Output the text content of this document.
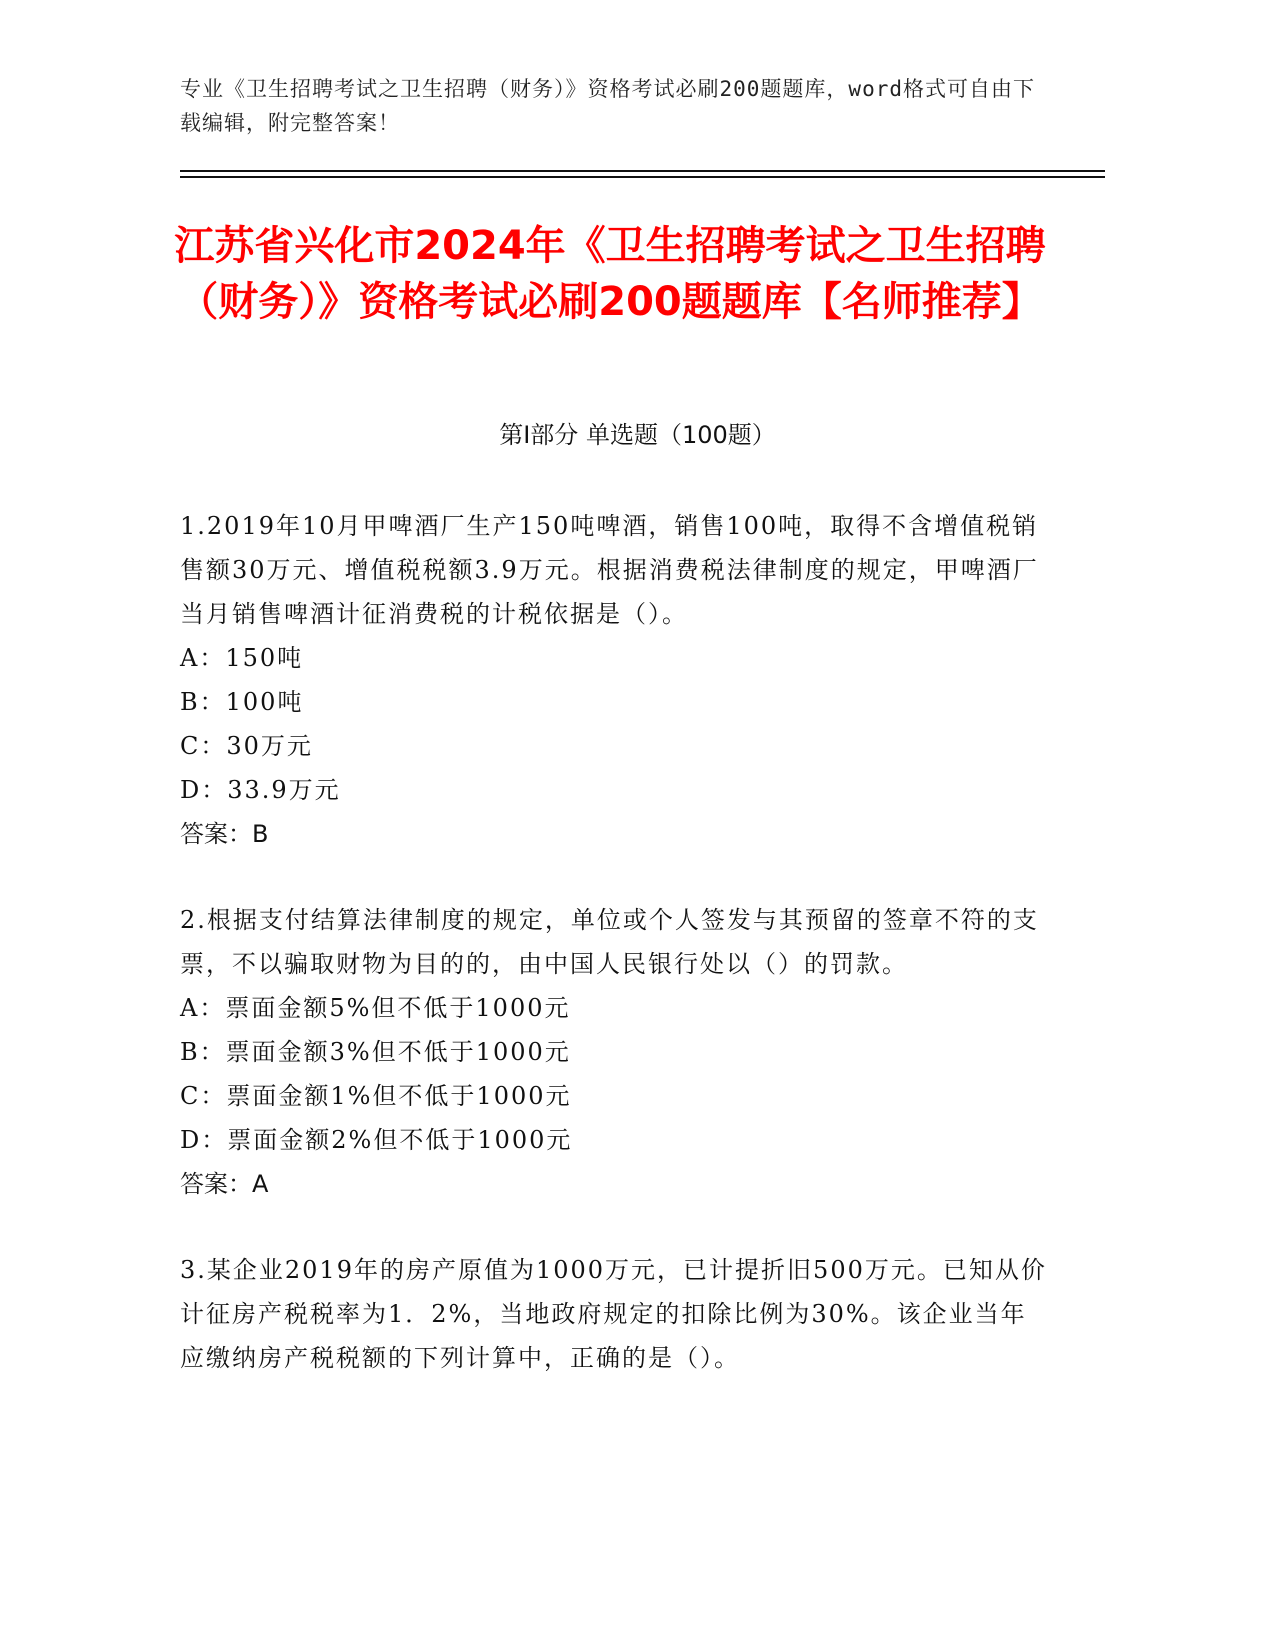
专业《卫生招聘考试之卫生招聘（财务）》资格考试必刷200题题库，word格式可自由下载编辑，附完整答案！
江苏省兴化市2024年《卫生招聘考试之卫生招聘（财务）》资格考试必刷200题题库【名师推荐】
第Ⅰ部分 单选题（100题）

1.2019年10月甲啤酒厂生产150吨啤酒，销售100吨，取得不含增值税销售额30万元、增值税税额3.9万元。根据消费税法律制度的规定，甲啤酒厂当月销售啤酒计征消费税的计税依据是（）。

A：150吨

B：100吨

C：30万元

D：33.9万元

答案：B

2.根据支付结算法律制度的规定，单位或个人签发与其预留的签章不符的支票，不以骗取财物为目的的，由中国人民银行处以（）的罚款。

A：票面金额5%但不低于1000元

B：票面金额3%但不低于1000元

C：票面金额1%但不低于1000元

D：票面金额2%但不低于1000元

答案：A

3.某企业2019年的房产原值为1000万元，已计提折旧500万元。已知从价计征房产税税率为1．2%，当地政府规定的扣除比例为30%。该企业当年应缴纳房产税税额的下列计算中，正确的是（）。
